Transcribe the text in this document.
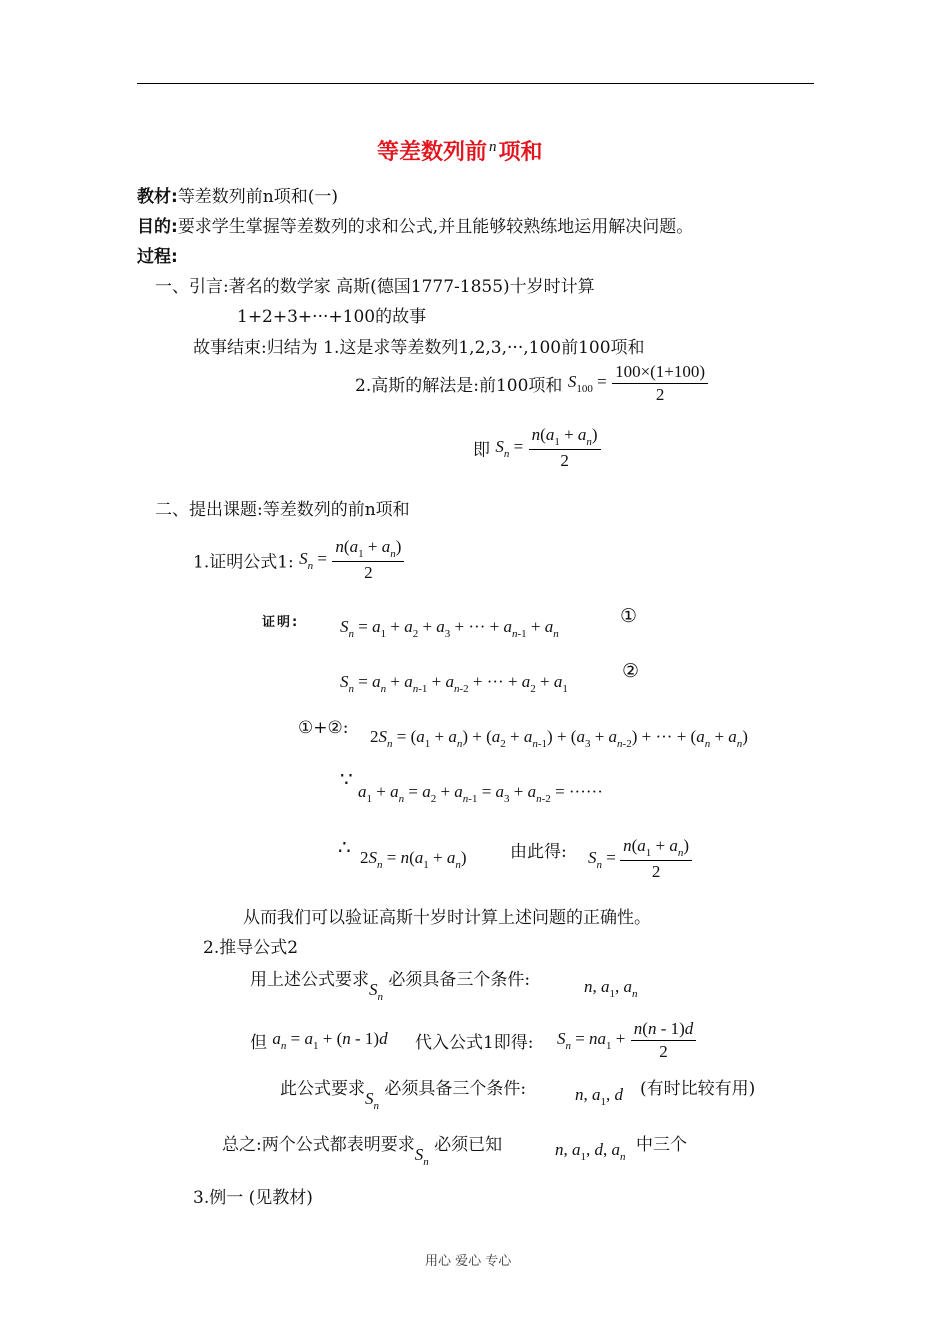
等差数列前 $^n$项和
教材:等差数列前n项和(一)
目的:要求学生掌握等差数列的求和公式,并且能够较熟练地运用解决问题。
过程:
一、引言:著名的数学家 高斯(德国1777-1855)十岁时计算
1+2+3+···+100的故事
故事结束:归结为 1.这是求等差数列1,2,3,···,100前100项和
2.高斯的解法是:前100项和 $S_{100} = \frac{100\times(1+100)}{2}$
即 $S_n = \frac{n(a_1 + a_n)}{2}$
二、提出课题:等差数列的前n项和
1.证明公式1: $S_n = \frac{n(a_1 + a_n)}{2}$
证明: $S_n = a_1 + a_2 + a_3$ + ··· + $a_{n-1} + a_n$
①
$S_n = a_n + a_{n-1} + a_{n-2}$ + ··· + $a_2 + a_1$
②
①+②: $2S_n = (a_1 + a_n) + (a_2 + a_{n-1}) + (a_3 + a_{n-2})$ + ··· + $(a_n + a_n)$
∵
$a_1 + a_n = a_2 + a_{n-1} = a_3 + a_{n-2}$ = ······
∴ $2S_n = n(a_1 + a_n)$	由此得: $S_n = \frac{n(a_1 + a_n)}{2}$
从而我们可以验证高斯十岁时计算上述问题的正确性。
2.推导公式2
用上述公式要求$S_n$ 必须具备三个条件:	n, $a_1$, $a_n$
但 $a_n = a_1 + (n - 1)d$ 代入公式1即得: $S_n = na_1 + \frac{n(n - 1)d}{2}$
此公式要求$S_n$ 必须具备三个条件:	n, $a_1$, d (有时比较有用)
总之:两个公式都表明要求$S_n$ 必须已知	n, $a_1$, d, $a_n$
中三个
3.例一 (见教材)
用心 爱心 专心
